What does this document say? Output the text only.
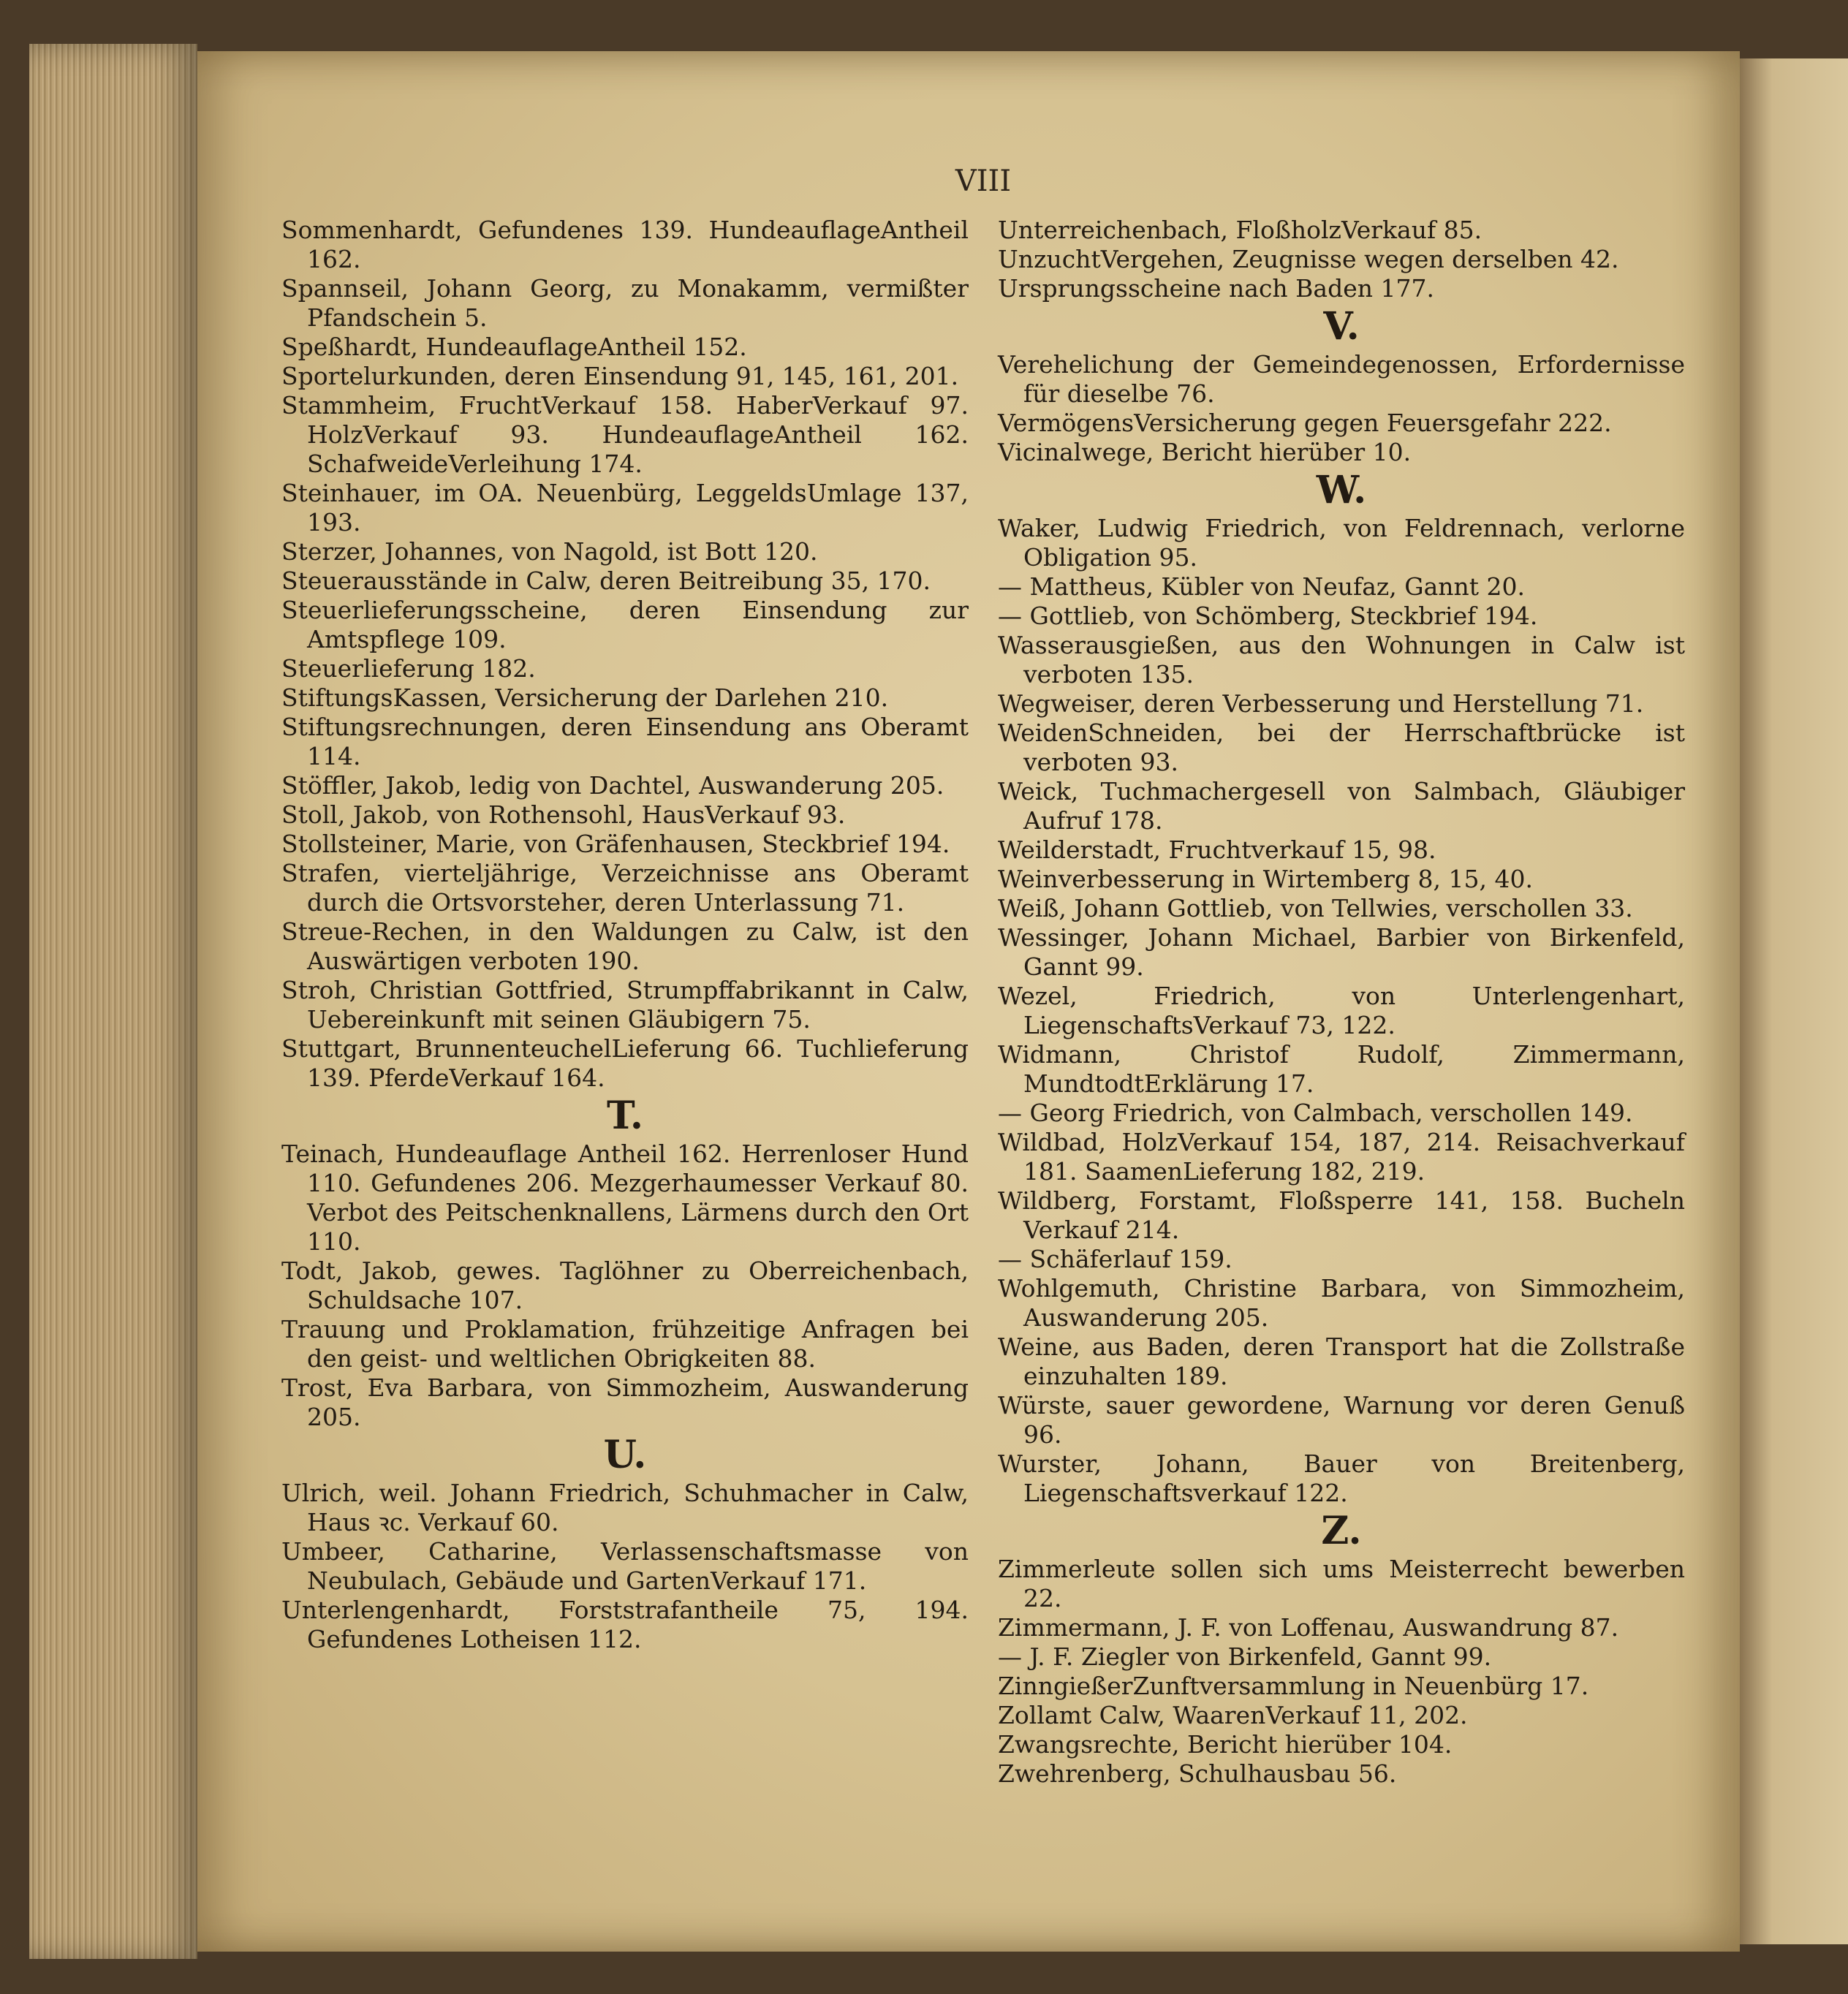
VIII
Sommenhardt, Gefundenes 139. HundeauflageAntheil 162.
Spannseil, Johann Georg, zu Monakamm, vermißter Pfandschein 5.
Speßhardt, HundeauflageAntheil 152.
Sportelurkunden, deren Einsendung 91, 145, 161, 201.
Stammheim, FruchtVerkauf 158. HaberVerkauf 97. HolzVerkauf 93. HundeauflageAntheil 162. SchafweideVerleihung 174.
Steinhauer, im OA. Neuenbürg, LeggeldsUmlage 137, 193.
Sterzer, Johannes, von Nagold, ist Bott 120.
Steuerausstände in Calw, deren Beitreibung 35, 170.
Steuerlieferungsscheine, deren Einsendung zur Amtspflege 109.
Steuerlieferung 182.
StiftungsKassen, Versicherung der Darlehen 210.
Stiftungsrechnungen, deren Einsendung ans Oberamt 114.
Stöffler, Jakob, ledig von Dachtel, Auswanderung 205.
Stoll, Jakob, von Rothensohl, HausVerkauf 93.
Stollsteiner, Marie, von Gräfenhausen, Steckbrief 194.
Strafen, vierteljährige, Verzeichnisse ans Oberamt durch die Ortsvorsteher, deren Unterlassung 71.
Streue-Rechen, in den Waldungen zu Calw, ist den Auswärtigen verboten 190.
Stroh, Christian Gottfried, Strumpffabrikannt in Calw, Uebereinkunft mit seinen Gläubigern 75.
Stuttgart, BrunnenteuchelLieferung 66. Tuchlieferung 139. PferdeVerkauf 164.
T.
Teinach, Hundeauflage Antheil 162. Herrenloser Hund 110. Gefundenes 206. Mezgerhaumesser Verkauf 80. Verbot des Peitschenknallens, Lärmens durch den Ort 110.
Todt, Jakob, gewes. Taglöhner zu Oberreichenbach, Schuldsache 107.
Trauung und Proklamation, frühzeitige Anfragen bei den geist- und weltlichen Obrigkeiten 88.
Trost, Eva Barbara, von Simmozheim, Auswanderung 205.
U.
Ulrich, weil. Johann Friedrich, Schuhmacher in Calw, Haus ꝛc. Verkauf 60.
Umbeer, Catharine, Verlassenschaftsmasse von Neubulach, Gebäude und GartenVerkauf 171.
Unterlengenhardt, Forststrafantheile 75, 194. Gefundenes Lotheisen 112.
Unterreichenbach, FloßholzVerkauf 85.
UnzuchtVergehen, Zeugnisse wegen derselben 42.
Ursprungsscheine nach Baden 177.
V.
Verehelichung der Gemeindegenossen, Erfordernisse für dieselbe 76.
VermögensVersicherung gegen Feuersgefahr 222.
Vicinalwege, Bericht hierüber 10.
W.
Waker, Ludwig Friedrich, von Feldrennach, verlorne Obligation 95.
— Mattheus, Kübler von Neufaz, Gannt 20.
— Gottlieb, von Schömberg, Steckbrief 194.
Wasserausgießen, aus den Wohnungen in Calw ist verboten 135.
Wegweiser, deren Verbesserung und Herstellung 71.
WeidenSchneiden, bei der Herrschaftbrücke ist verboten 93.
Weick, Tuchmachergesell von Salmbach, Gläubiger Aufruf 178.
Weilderstadt, Fruchtverkauf 15, 98.
Weinverbesserung in Wirtemberg 8, 15, 40.
Weiß, Johann Gottlieb, von Tellwies, verschollen 33.
Wessinger, Johann Michael, Barbier von Birkenfeld, Gannt 99.
Wezel, Friedrich, von Unterlengenhart, LiegenschaftsVerkauf 73, 122.
Widmann, Christof Rudolf, Zimmermann, MundtodtErklärung 17.
— Georg Friedrich, von Calmbach, verschollen 149.
Wildbad, HolzVerkauf 154, 187, 214. Reisachverkauf 181. SaamenLieferung 182, 219.
Wildberg, Forstamt, Floßsperre 141, 158. Bucheln Verkauf 214.
— Schäferlauf 159.
Wohlgemuth, Christine Barbara, von Simmozheim, Auswanderung 205.
Weine, aus Baden, deren Transport hat die Zollstraße einzuhalten 189.
Würste, sauer gewordene, Warnung vor deren Genuß 96.
Wurster, Johann, Bauer von Breitenberg, Liegenschaftsverkauf 122.
Z.
Zimmerleute sollen sich ums Meisterrecht bewerben 22.
Zimmermann, J. F. von Loffenau, Auswandrung 87.
— J. F. Ziegler von Birkenfeld, Gannt 99.
ZinngießerZunftversammlung in Neuenbürg 17.
Zollamt Calw, WaarenVerkauf 11, 202.
Zwangsrechte, Bericht hierüber 104.
Zwehrenberg, Schulhausbau 56.
